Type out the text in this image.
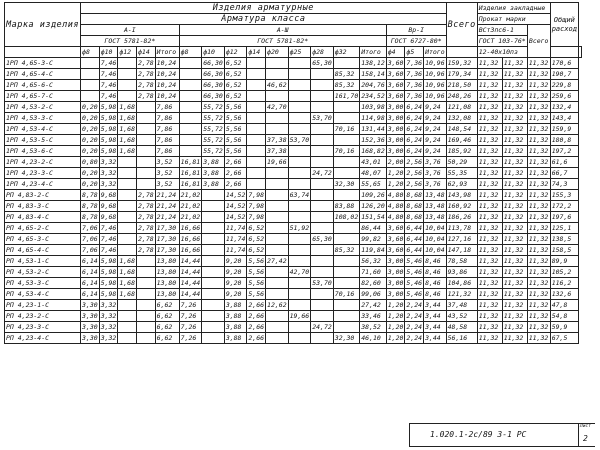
Марка изделия	Изделия арматурные																	Всего	Изделия закладные			Общий расход	
	Арматура класса																		Прокат марки				
	А-I					А-Ш									Вр-I				ВСт3пс6-1		Всего		
	ГОСТ 5781-82*					ГОСТ 5781-82*									ГОСТ 6727-80*				ГОСТ 103-76*				
	ф8	ф10	ф12	ф14	Итого	ф8	ф10	ф12	ф14	ф20	ф25	ф28	ф32	Итого	ф4	ф5	Итого		12-40х10пз				
1РП 4,65-3-С		7,46		2,78	10,24		66,30	6,52				65,30		138,12	3,60	7,36	10,96	159,32	11,32	11,32	11,32	170,6	
1РП 4,65-4-С		7,46		2,78	10,24		66,30	6,52					85,32	158,14	3,60	7,36	10,96	179,34	11,32	11,32	11,32	190,7	
1РП 4,65-6-С		7,46		2,78	10,24		66,30	6,52		46,62			85,32	204,76	3,60	7,36	10,96	218,50	11,32	11,32	11,32	229,8	
1РП 4,65-7-С		7,46		2,78	10,24		66,30	6,52					161,70	234,52	3,60	7,36	10,96	248,26	11,32	11,32	11,32	259,6	
1РП 4,53-2-С	0,20	5,98	1,68		7,86		55,72	5,56		42,70				103,98	3,00	6,24	9,24	121,08	11,32	11,32	11,32	132,4	
1РП 4,53-3-С	0,20	5,98	1,68		7,86		55,72	5,56				53,70		114,98	3,00	6,24	9,24	132,08	11,32	11,32	11,32	143,4	
1РП 4,53-4-С	0,20	5,98	1,68		7,86		55,72	5,56					70,16	131,44	3,00	6,24	9,24	148,54	11,32	11,32	11,32	159,9	
1РП 4,53-5-С	0,20	5,98	1,68		7,86		55,72	5,56		37,38	53,70			152,36	3,00	6,24	9,24	169,46	11,32	11,32	11,32	180,8	
1РП 4,53-6-С	0,20	5,98	1,68		7,86		55,72	5,56		37,38			70,16	168,82	3,00	6,24	9,24	185,92	11,32	11,32	11,32	197,2	
1РП 4,23-2-С	0,80	3,32			3,52	16,81	3,88	2,66		19,66				43,01	2,00	2,56	3,76	50,29	11,32	11,32	11,32	61,6	
1РП 4,23-3-С	0,20	3,32			3,52	16,81	3,88	2,66				24,72		48,07	1,20	2,56	3,76	55,35	11,32	11,32	11,32	66,7	
1РП 4,23-4-С	0,20	3,32			3,52	16,81	3,88	2,66					32,30	55,65	1,20	2,56	3,76	62,93	11,32	11,32	11,32	74,3	
РП 4,83-2-С	8,78	9,68		2,78	21,24	21,02		14,52	7,98		63,74			109,26	4,80	8,68	13,48	143,98	11,32	11,32	11,32	155,3	
РП 4,83-3-С	8,78	9,68		2,78	21,24	21,02		14,52	7,98				83,88	126,20	4,80	8,68	13,48	160,92	11,32	11,32	11,32	172,2	
РП 4,83-4-С	8,78	9,68		2,78	21,24	21,02		14,52	7,98				108,02	151,54	4,80	8,68	13,48	186,26	11,32	11,32	11,32	197,6	
РП 4,65-2-С	7,06	7,46		2,78	17,30	16,66		11,74	6,52		51,92			86,44	3,60	6,44	10,04	113,78	11,32	11,32	11,32	125,1	
РП 4,65-3-С	7,06	7,46		2,78	17,30	16,66		11,74	6,52			65,30		99,82	3,60	6,44	10,04	127,16	11,32	11,32	11,32	138,5	
РП 4,65-4-С	7,06	7,46		2,78	17,30	16,66		11,74	6,52				85,32	119,84	3,60	6,44	10,04	147,18	11,32	11,32	11,32	158,5	
РП 4,53-1-С	6,14	5,98	1,68		13,80	14,44		9,20	5,56	27,42				56,32	3,00	5,46	8,46	78,58	11,32	11,32	11,32	89,9	
РП 4,53-2-С	6,14	5,98	1,68		13,80	14,44		9,20	5,56		42,70			71,60	3,00	5,46	8,46	93,86	11,32	11,32	11,32	105,2	
РП 4,53-3-С	6,14	5,98	1,68		13,80	14,44		9,20	5,56			53,70		82,60	3,00	5,46	8,46	104,86	11,32	11,32	11,32	116,2	
РП 4,53-4-С	6,14	5,98	1,68		13,80	14,44		9,20	5,56				70,16	99,06	3,00	5,46	8,46	121,32	11,32	11,32	11,32	132,6	
РП 4,23-1-С	3,30	3,32			6,62	7,26		3,88	2,66	12,62				27,42	1,20	2,24	3,44	37,48	11,32	11,32	11,32	47,8	
РП 4,23-2-С	3,30	3,32			6,62	7,26		3,88	2,66		19,66			33,46	1,20	2,24	3,44	43,52	11,32	11,32	11,32	54,8	
РП 4,23-3-С	3,30	3,32			6,62	7,26		3,88	2,66			24,72		38,52	1,20	2,24	3,44	48,58	11,32	11,32	11,32	59,9	
РП 4,23-4-С	3,30	3,32			6,62	7,26		3,88	2,66				32,30	46,10	1,20	2,24	3,44	56,16	11,32	11,32	11,32	67,5	
1.020.1-2с/89 3-1 РС
Лист
2
